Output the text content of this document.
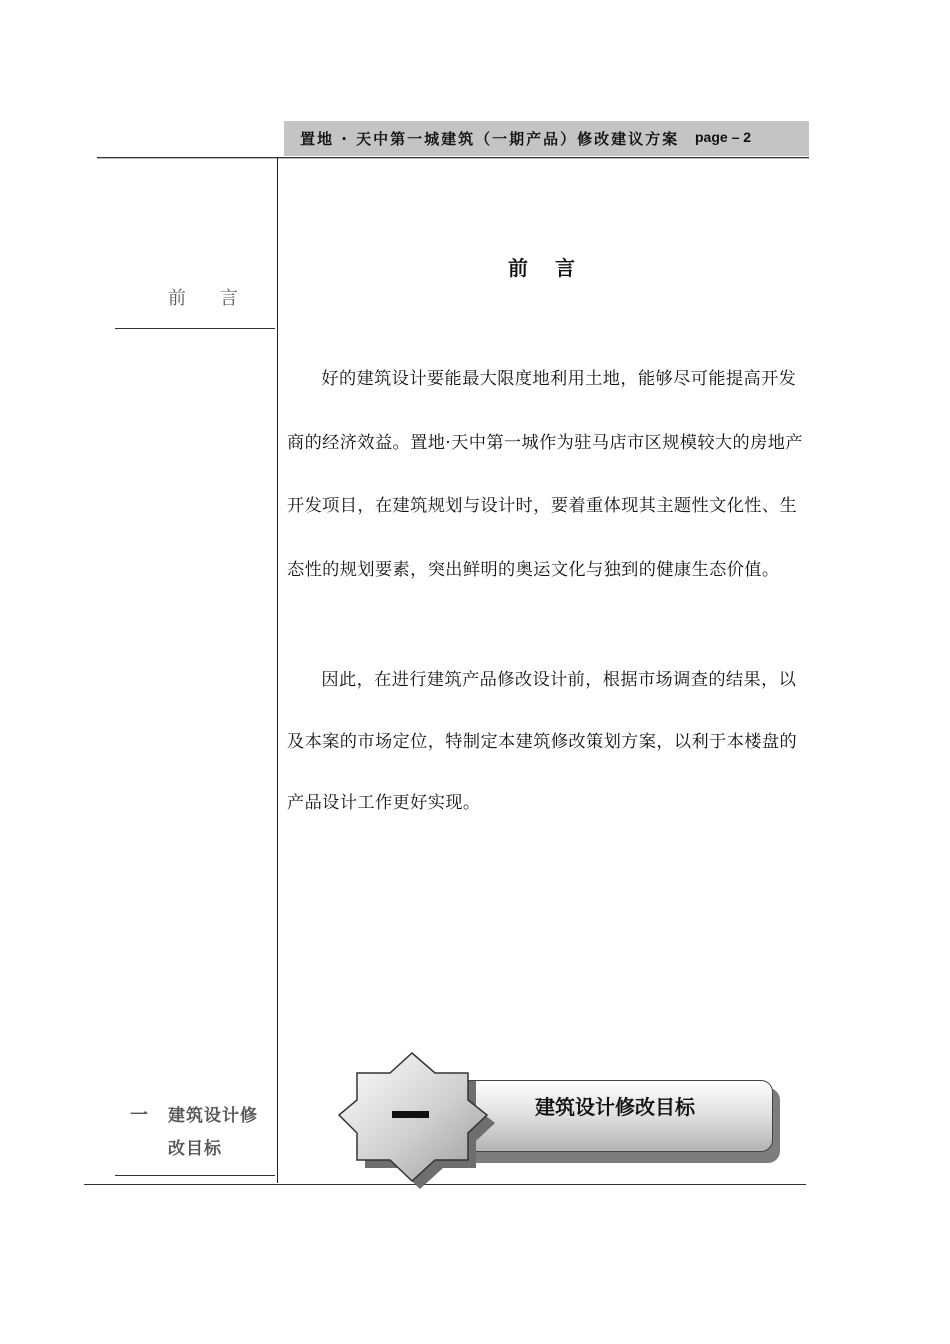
置地 · 天中第一城建筑（一期产品）修改建议方案 page – 2
前 言
一 建筑设计修改目标
前 言

好的建筑设计要能最大限度地利用土地，能够尽可能提高开发商的经济效益。置地·天中第一城作为驻马店市区规模较大的房地产开发项目，在建筑规划与设计时，要着重体现其主题性文化性、生态性的规划要素，突出鲜明的奥运文化与独到的健康生态价值。

因此，在进行建筑产品修改设计前，根据市场调查的结果，以及本案的市场定位，特制定本建筑修改策划方案，以利于本楼盘的产品设计工作更好实现。

建筑设计修改目标
